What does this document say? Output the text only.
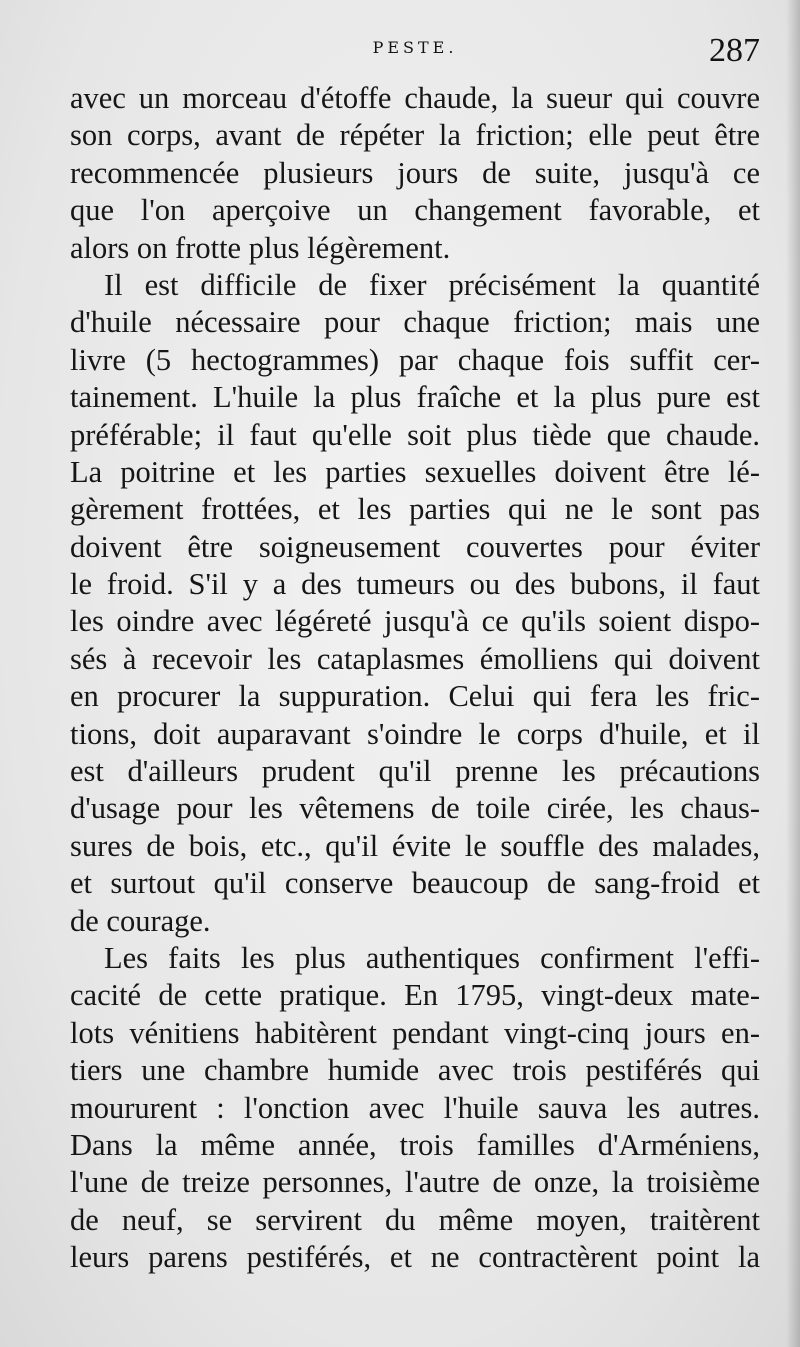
PESTE.	287

avec un morceau d'étoffe chaude, la sueur qui couvre

son corps, avant de répéter la friction; elle peut être

recommencée plusieurs jours de suite, jusqu'à ce

que l'on aperçoive un changement favorable, et

alors on frotte plus légèrement.

Il est difficile de fixer précisément la quantité

d'huile nécessaire pour chaque friction; mais une

livre (5 hectogrammes) par chaque fois suffit cer-

tainement. L'huile la plus fraîche et la plus pure est

préférable; il faut qu'elle soit plus tiède que chaude.

La poitrine et les parties sexuelles doivent être lé-

gèrement frottées, et les parties qui ne le sont pas

doivent être soigneusement couvertes pour éviter

le froid. S'il y a des tumeurs ou des bubons, il faut

les oindre avec légéreté jusqu'à ce qu'ils soient dispo-

sés à recevoir les cataplasmes émolliens qui doivent

en procurer la suppuration. Celui qui fera les fric-

tions, doit auparavant s'oindre le corps d'huile, et il

est d'ailleurs prudent qu'il prenne les précautions

d'usage pour les vêtemens de toile cirée, les chaus-

sures de bois, etc., qu'il évite le souffle des malades,

et surtout qu'il conserve beaucoup de sang-froid et

de courage.

Les faits les plus authentiques confirment l'effi-

cacité de cette pratique. En 1795, vingt-deux mate-

lots vénitiens habitèrent pendant vingt-cinq jours en-

tiers une chambre humide avec trois pestiférés qui

moururent : l'onction avec l'huile sauva les autres.

Dans la même année, trois familles d'Arméniens,

l'une de treize personnes, l'autre de onze, la troisième

de neuf, se servirent du même moyen, traitèrent

leurs parens pestiférés, et ne contractèrent point la
